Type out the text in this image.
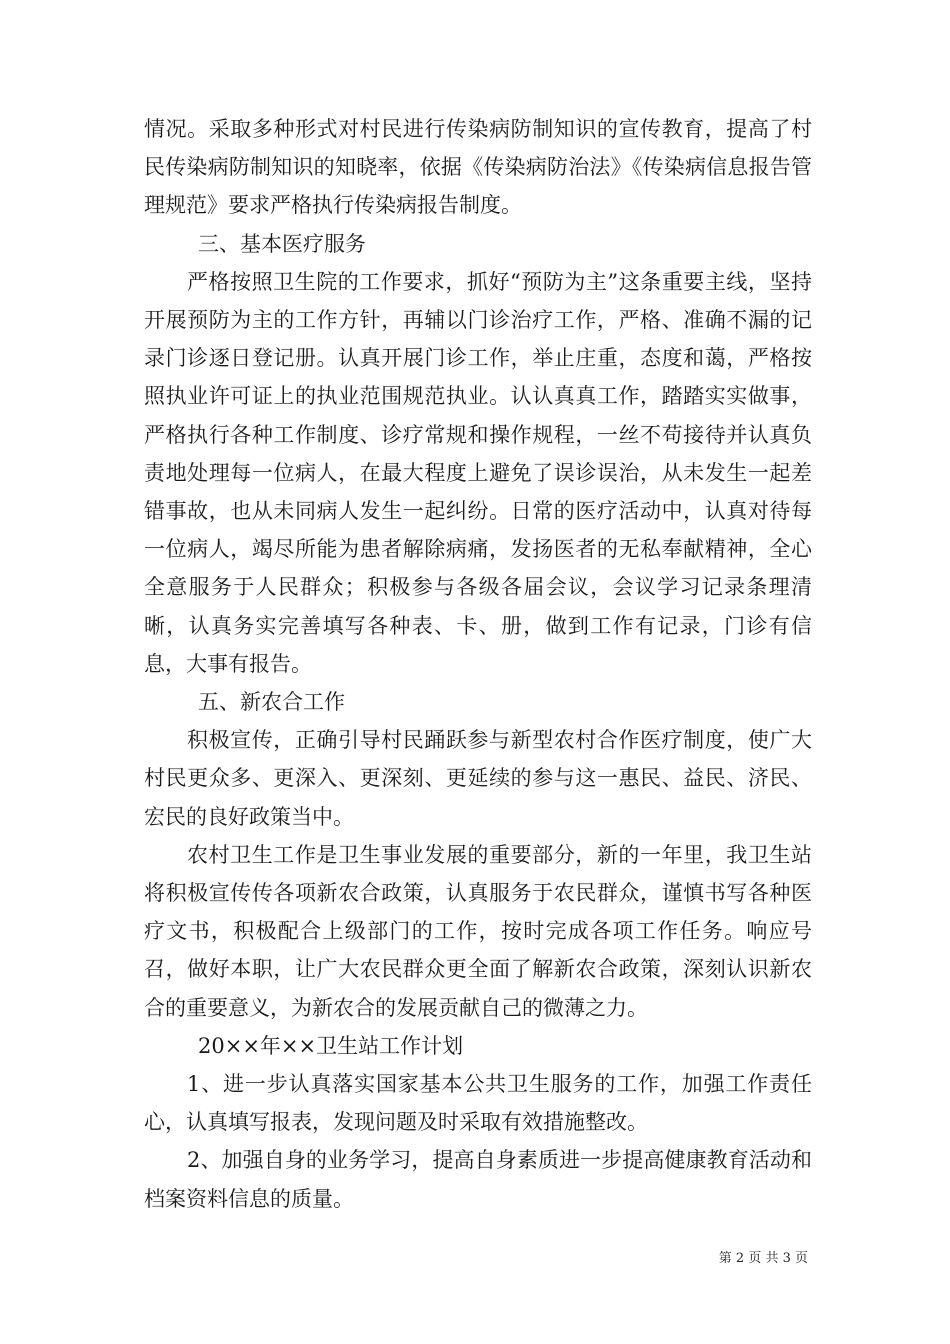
情况。采取多种形式对村民进行传染病防制知识的宣传教育，提高了村民传染病防制知识的知晓率，依据《传染病防治法》《传染病信息报告管理规范》要求严格执行传染病报告制度。

三、基本医疗服务

严格按照卫生院的工作要求，抓好“预防为主”这条重要主线，坚持开展预防为主的工作方针，再辅以门诊治疗工作，严格、准确不漏的记录门诊逐日登记册。认真开展门诊工作，举止庄重，态度和蔼，严格按照执业许可证上的执业范围规范执业。认认真真工作，踏踏实实做事，严格执行各种工作制度、诊疗常规和操作规程，一丝不苟接待并认真负责地处理每一位病人，在最大程度上避免了误诊误治，从未发生一起差错事故，也从未同病人发生一起纠纷。日常的医疗活动中，认真对待每一位病人，竭尽所能为患者解除病痛，发扬医者的无私奉献精神，全心全意服务于人民群众；积极参与各级各届会议，会议学习记录条理清晰，认真务实完善填写各种表、卡、册，做到工作有记录，门诊有信息，大事有报告。

五、新农合工作

积极宣传，正确引导村民踊跃参与新型农村合作医疗制度，使广大村民更众多、更深入、更深刻、更延续的参与这一惠民、益民、济民、宏民的良好政策当中。

农村卫生工作是卫生事业发展的重要部分，新的一年里，我卫生站将积极宣传传各项新农合政策，认真服务于农民群众，谨慎书写各种医疗文书，积极配合上级部门的工作，按时完成各项工作任务。响应号召，做好本职，让广大农民群众更全面了解新农合政策，深刻认识新农合的重要意义，为新农合的发展贡献自己的微薄之力。

20××年××卫生站工作计划

1、进一步认真落实国家基本公共卫生服务的工作，加强工作责任心，认真填写报表，发现问题及时采取有效措施整改。

2、加强自身的业务学习，提高自身素质进一步提高健康教育活动和档案资料信息的质量。

第 2 页 共 3 页
